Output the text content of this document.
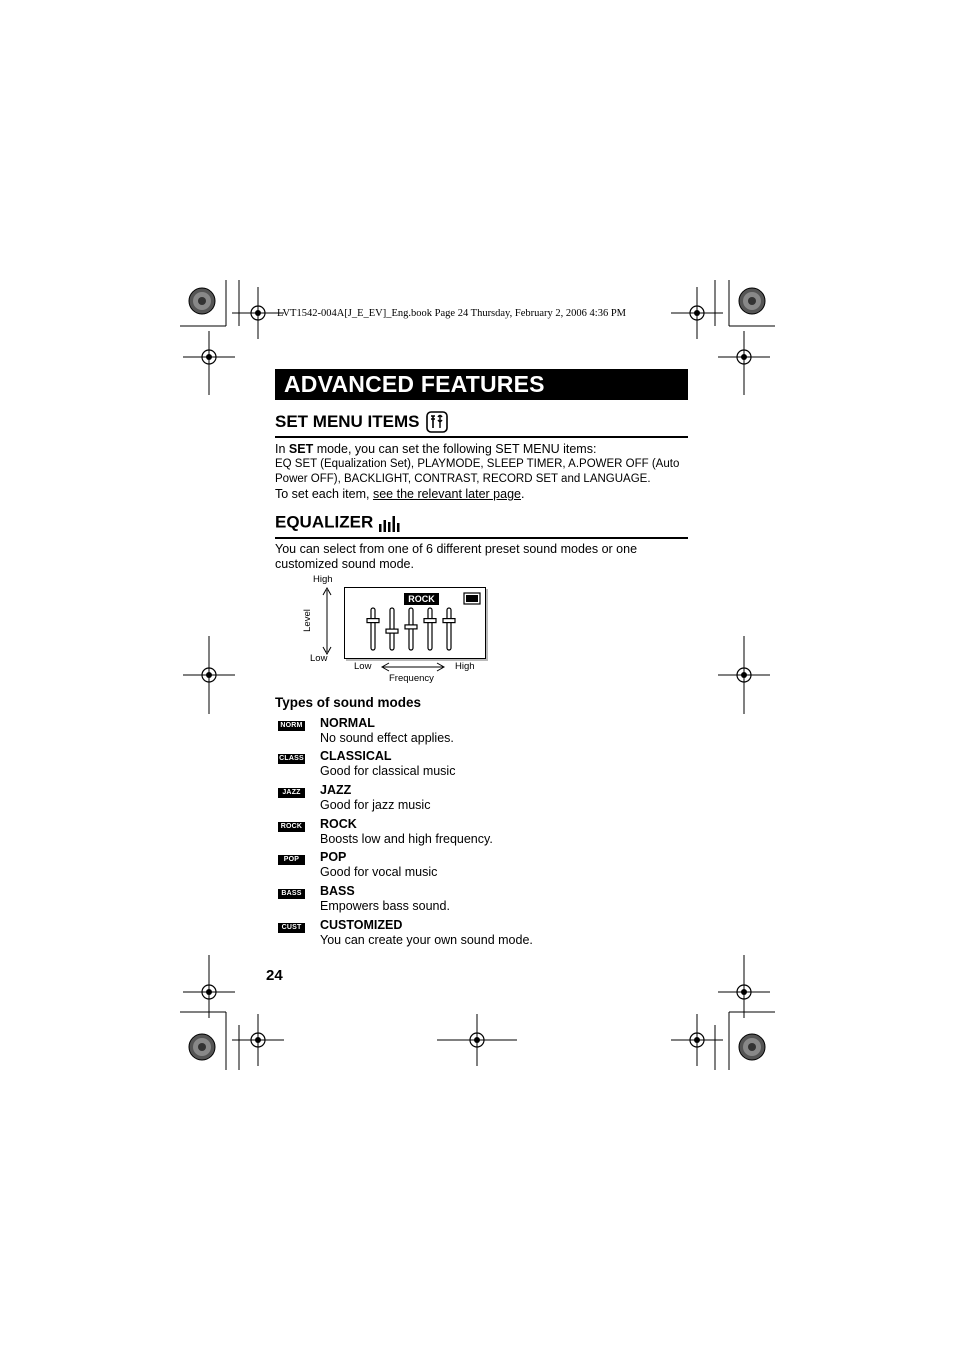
LVT1542-004A[J_E_EV]_Eng.book Page 24 Thursday, February 2, 2006 4:36 PM
ADVANCED FEATURES
SET MENU ITEMS
In SET mode, you can set the following SET MENU items:
EQ SET (Equalization Set), PLAYMODE, SLEEP TIMER, A.POWER OFF (Auto
Power OFF), BACKLIGHT, CONTRAST, RECORD SET and LANGUAGE.
To set each item, see the relevant later page.
EQUALIZER
You can select from one of 6 different preset sound modes or one
customized sound mode.
High
Low
Level
ROCK
Low	High
Frequency
Types of sound modes
NORM NORMAL
No sound effect applies.
CLASS CLASSICAL
Good for classical music
JAZZ	JAZZ
Good for jazz music
ROCK ROCK
Boosts low and high frequency.
POP	POP
Good for vocal music
BASS BASS
Empowers bass sound.
CUST CUSTOMIZED
You can create your own sound mode.
24
